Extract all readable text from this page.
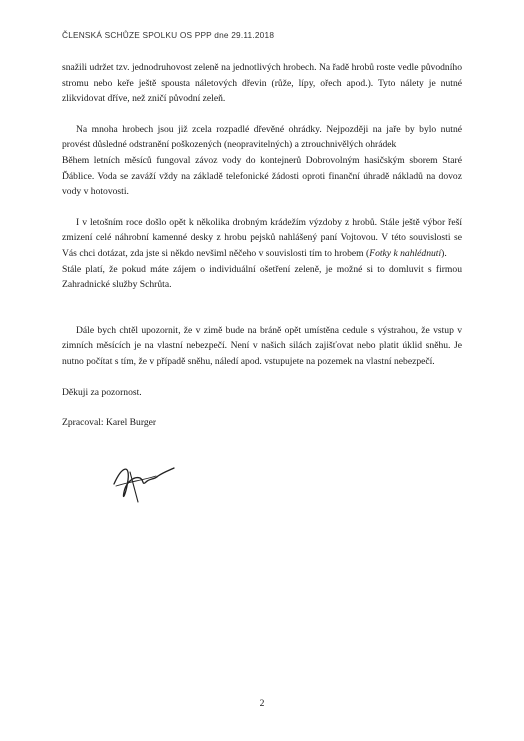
ČLENSKÁ SCHŮZE SPOLKU OS PPP dne 29.11.2018

snažili udržet tzv. jednodruhovost zeleně na jednotlivých hrobech. Na řadě hrobů roste vedle původního stromu nebo keře ještě spousta náletových dřevin (růže, lípy, ořech apod.). Tyto nálety je nutné zlikvidovat dříve, než zničí původní zeleň.

Na mnoha hrobech jsou již zcela rozpadlé dřevěné ohrádky. Nejpozději na jaře by bylo nutné provést důsledné odstranění poškozených (neopravitelných) a ztrouchnivělých ohrádek

Během letních měsíců fungoval závoz vody do kontejnerů Dobrovolným hasičským sborem Staré Ďáblice. Voda se zaváží vždy na základě telefonické žádosti oproti finanční úhradě nákladů na dovoz vody v hotovosti.

I v letošním roce došlo opět k několika drobným krádežím výzdoby z hrobů. Stále ještě výbor řeší zmizení celé náhrobní kamenné desky z hrobu pejsků nahlášený paní Vojtovou. V této souvislosti se Vás chci dotázat, zda jste si někdo nevšiml něčeho v souvislosti tím to hrobem (Fotky k nahlédnutí).

Stále platí, že pokud máte zájem o individuální ošetření zeleně, je možné si to domluvit s firmou Zahradnické služby Schrůta.

Dále bych chtěl upozornit, že v zimě bude na bráně opět umístěna cedule s výstrahou, že vstup v zimních měsících je na vlastní nebezpečí. Není v našich silách zajišťovat nebo platit úklid sněhu. Je nutno počítat s tím, že v případě sněhu, náledí apod. vstupujete na pozemek na vlastní nebezpečí.

Děkuji za pozornost.

Zpracoval: Karel Burger

2
